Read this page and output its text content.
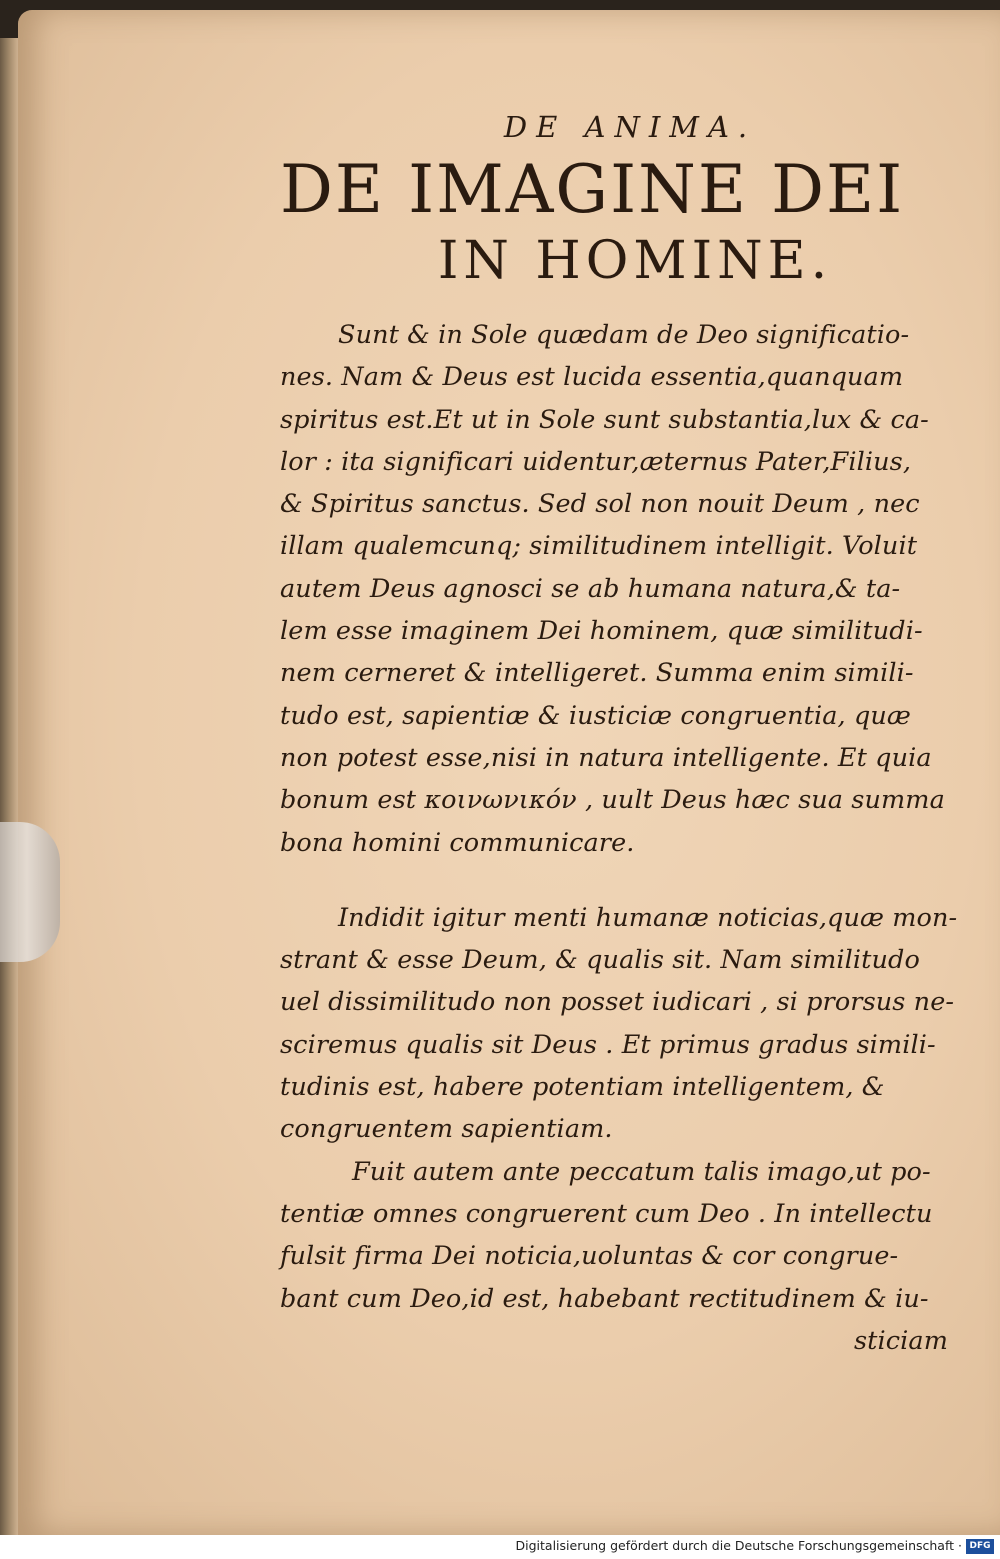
DE ANIMA.
DE IMAGINE DEI
IN HOMINE.
Sunt & in Sole quædam de Deo significatio-
nes. Nam & Deus est lucida essentia,quanquam
spiritus est.Et ut in Sole sunt substantia,lux & ca-
lor : ita significari uidentur,æternus Pater,Filius,
& Spiritus sanctus. Sed sol non nouit Deum , nec
illam qualemcunq; similitudinem intelligit. Voluit
autem Deus agnosci se ab humana natura,& ta-
lem esse imaginem Dei hominem, quæ similitudi-
nem cerneret & intelligeret. Summa enim simili-
tudo est, sapientiæ & iusticiæ congruentia, quæ
non potest esse,nisi in natura intelligente. Et quia
bonum est κοινωνικόν , uult Deus hæc sua summa
bona homini communicare.
Indidit igitur menti humanæ noticias,quæ mon-
strant & esse Deum, & qualis sit. Nam similitudo
uel dissimilitudo non posset iudicari , si prorsus ne-
sciremus qualis sit Deus . Et primus gradus simili-
tudinis est, habere potentiam intelligentem, &
congruentem sapientiam.
Fuit autem ante peccatum talis imago,ut po-
tentiæ omnes congruerent cum Deo . In intellectu
fulsit firma Dei noticia,uoluntas & cor congrue-
bant cum Deo,id est, habebant rectitudinem & iu-
sticiam
Digitalisierung gefördert durch die Deutsche Forschungsgemeinschaft · DFG
